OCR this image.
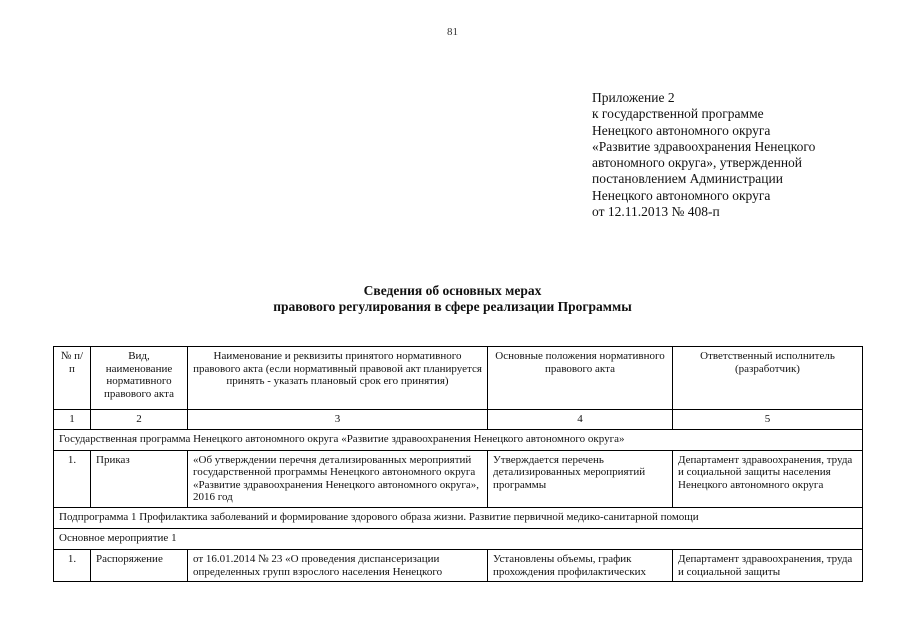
81
Приложение 2
к государственной программе
Ненецкого автономного округа
«Развитие здравоохранения Ненецкого
автономного округа», утвержденной
постановлением Администрации
Ненецкого автономного округа
от 12.11.2013 № 408-п
Сведения об основных мерах
правового регулирования в сфере реализации Программы
№ п/п	Вид, наименование нормативного правового акта	Наименование и реквизиты принятого нормативного правового акта (если нормативный правовой акт планируется принять - указать плановый срок его принятия)	Основные положения нормативного правового акта	Ответственный исполнитель (разработчик)
1	2	3	4	5
Государственная программа Ненецкого автономного округа «Развитие здравоохранения Ненецкого автономного округа»				
1.	Приказ	«Об утверждении перечня детализированных мероприятий государственной программы Ненецкого автономного округа «Развитие здравоохранения Ненецкого автономного округа», 2016 год	Утверждается перечень детализированных мероприятий программы	Департамент здравоохранения, труда и социальной защиты населения Ненецкого автономного округа
Подпрограмма 1 Профилактика заболеваний и формирование здорового образа жизни. Развитие первичной медико-санитарной помощи				
Основное мероприятие 1				
1.	Распоряжение	от 16.01.2014 № 23 «О проведения диспансеризации определенных групп взрослого населения Ненецкого	Установлены объемы, график прохождения профилактических	Департамент здравоохранения, труда и социальной защиты
